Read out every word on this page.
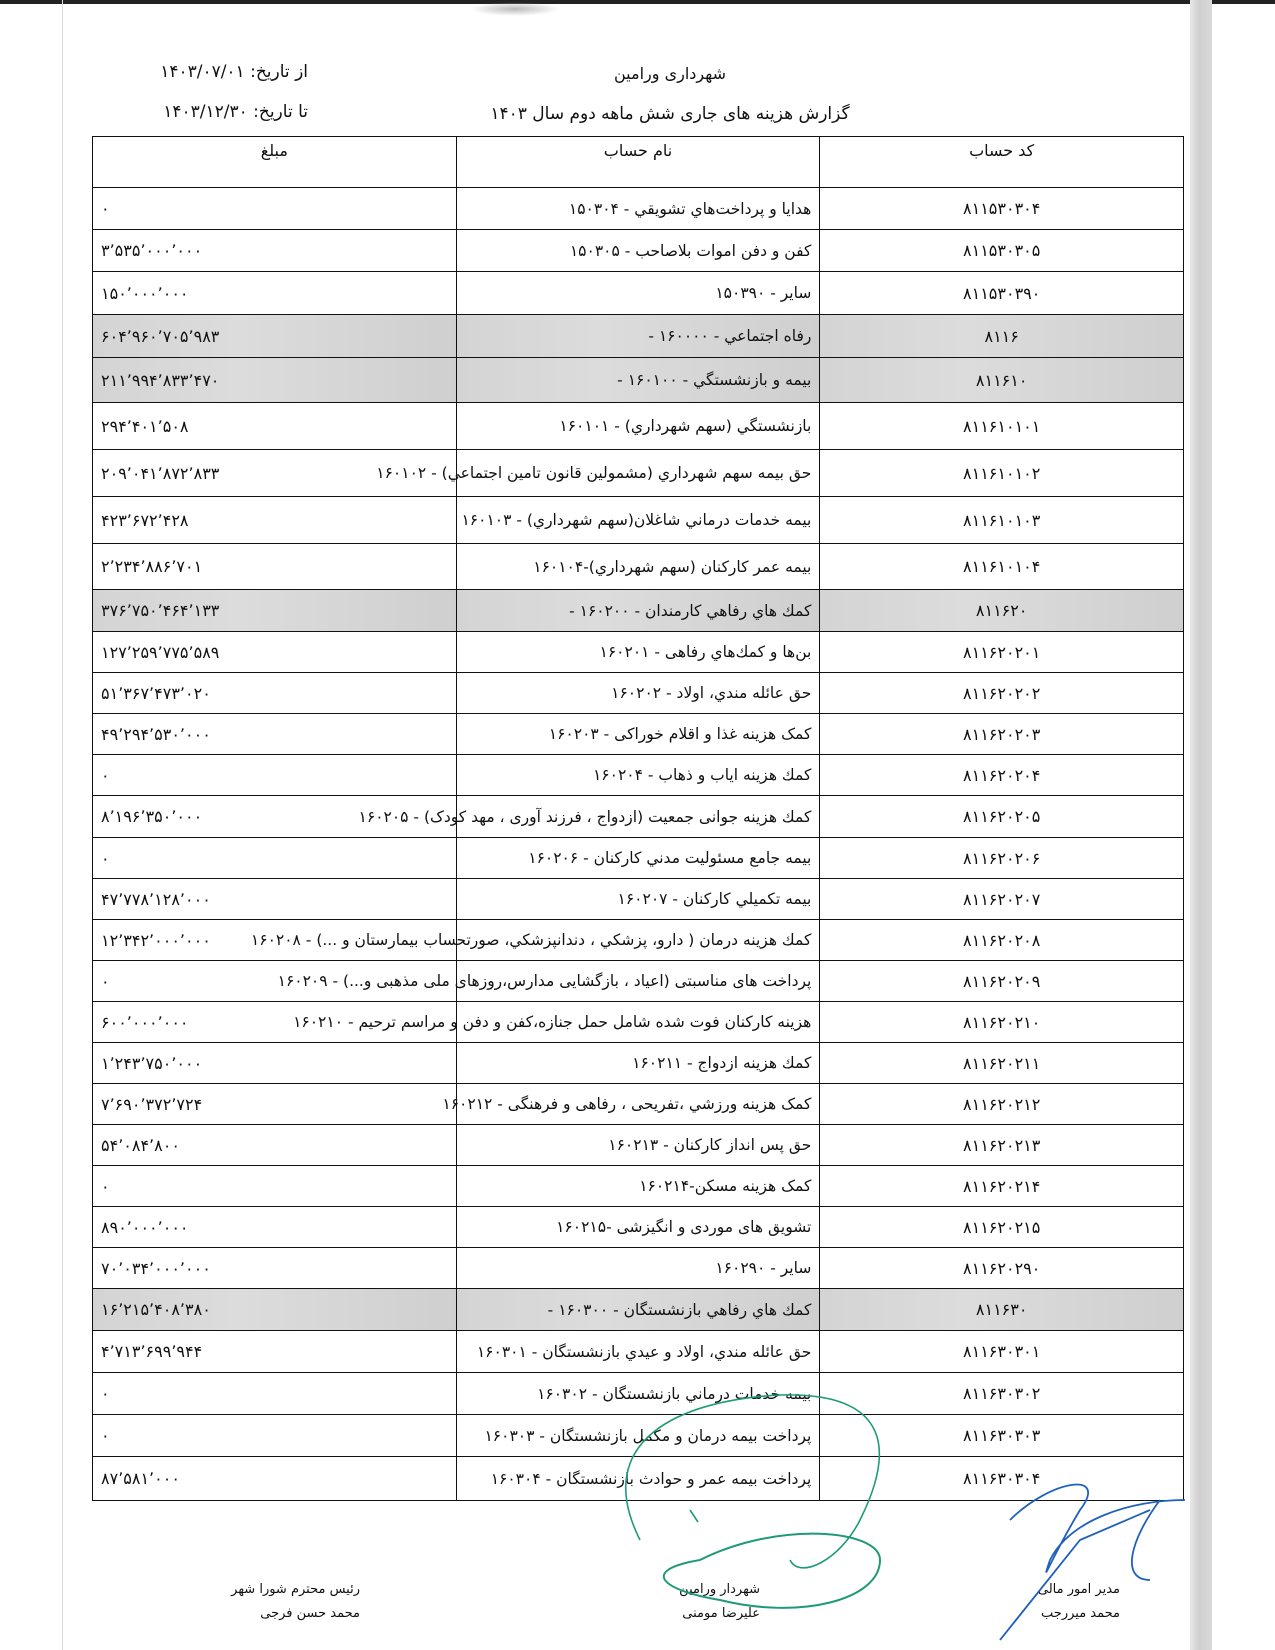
شهرداری ورامین
گزارش هزینه های جاری شش ماهه دوم سال ۱۴۰۳
از تاریخ: ۱۴۰۳/۰۷/۰۱
تا تاریخ: ۱۴۰۳/۱۲/۳۰
کد حساب	نام حساب	مبلغ
۸۱۱۵۳۰۳۰۴	هدایا و پرداخت‌هاي تشویقي - ۱۵۰۳۰۴	۰
۸۱۱۵۳۰۳۰۵	کفن و دفن اموات بلاصاحب - ۱۵۰۳۰۵	۳٬۵۳۵٬۰۰۰٬۰۰۰
۸۱۱۵۳۰۳۹۰	سایر - ۱۵۰۳۹۰	۱۵۰٬۰۰۰٬۰۰۰
۸۱۱۶	رفاه اجتماعي - ۱۶۰۰۰۰ -	۶۰۴٬۹۶۰٬۷۰۵٬۹۸۳
۸۱۱۶۱۰	بیمه و بازنشستگي - ۱۶۰۱۰۰ -	۲۱۱٬۹۹۴٬۸۳۳٬۴۷۰
۸۱۱۶۱۰۱۰۱	بازنشستگي (سهم شهرداري) - ۱۶۰۱۰۱	۲۹۴٬۴۰۱٬۵۰۸
۸۱۱۶۱۰۱۰۲	حق بیمه سهم شهرداري (مشمولین قانون تامین اجتماعي) - ۱۶۰۱۰۲	۲۰۹٬۰۴۱٬۸۷۲٬۸۳۳
۸۱۱۶۱۰۱۰۳	بیمه خدمات درماني شاغلان(سهم شهرداري) - ۱۶۰۱۰۳	۴۲۳٬۶۷۲٬۴۲۸
۸۱۱۶۱۰۱۰۴	بیمه عمر کارکنان (سهم شهرداري)-۱۶۰۱۰۴	۲٬۲۳۴٬۸۸۶٬۷۰۱
۸۱۱۶۲۰	کمك هاي رفاهي کارمندان - ۱۶۰۲۰۰ -	۳۷۶٬۷۵۰٬۴۶۴٬۱۳۳
۸۱۱۶۲۰۲۰۱	بن‌ها و کمك‌هاي رفاهی - ۱۶۰۲۰۱	۱۲۷٬۲۵۹٬۷۷۵٬۵۸۹
۸۱۱۶۲۰۲۰۲	حق عائله مندي، اولاد - ۱۶۰۲۰۲	۵۱٬۳۶۷٬۴۷۳٬۰۲۰
۸۱۱۶۲۰۲۰۳	کمک هزینه غذا و اقلام خوراکی - ۱۶۰۲۰۳	۴۹٬۲۹۴٬۵۳۰٬۰۰۰
۸۱۱۶۲۰۲۰۴	کمك هزینه ایاب و ذهاب - ۱۶۰۲۰۴	۰
۸۱۱۶۲۰۲۰۵	کمك هزینه جوانی جمعیت (ازدواج ، فرزند آوری ، مهد کودک) - ۱۶۰۲۰۵	۸٬۱۹۶٬۳۵۰٬۰۰۰
۸۱۱۶۲۰۲۰۶	بیمه جامع مسئولیت مدني کارکنان - ۱۶۰۲۰۶	۰
۸۱۱۶۲۰۲۰۷	بیمه تکمیلي کارکنان - ۱۶۰۲۰۷	۴۷٬۷۷۸٬۱۲۸٬۰۰۰
۸۱۱۶۲۰۲۰۸	کمك هزینه درمان ( دارو، پزشکي ، دندانپزشکي، صورتحساب بیمارستان و ...) - ۱۶۰۲۰۸	۱۲٬۳۴۲٬۰۰۰٬۰۰۰
۸۱۱۶۲۰۲۰۹	پرداخت های مناسبتی (اعیاد ، بازگشایی مدارس،روزهای ملی مذهبی و...) - ۱۶۰۲۰۹	۰
۸۱۱۶۲۰۲۱۰	هزینه کارکنان فوت شده شامل حمل جنازه،کفن و دفن و مراسم ترحیم - ۱۶۰۲۱۰	۶۰۰٬۰۰۰٬۰۰۰
۸۱۱۶۲۰۲۱۱	کمك هزینه ازدواج - ۱۶۰۲۱۱	۱٬۲۴۳٬۷۵۰٬۰۰۰
۸۱۱۶۲۰۲۱۲	کمک هزینه ورزشي ،تفریحی ، رفاهی و فرهنگی - ۱۶۰۲۱۲	۷٬۶۹۰٬۳۷۲٬۷۲۴
۸۱۱۶۲۰۲۱۳	حق پس انداز کارکنان - ۱۶۰۲۱۳	۵۴٬۰۸۴٬۸۰۰
۸۱۱۶۲۰۲۱۴	کمک هزینه مسکن-۱۶۰۲۱۴	۰
۸۱۱۶۲۰۲۱۵	تشویق های موردی و انگیزشی -۱۶۰۲۱۵	۸۹۰٬۰۰۰٬۰۰۰
۸۱۱۶۲۰۲۹۰	سایر - ۱۶۰۲۹۰	۷۰٬۰۳۴٬۰۰۰٬۰۰۰
۸۱۱۶۳۰	کمك هاي رفاهي بازنشستگان - ۱۶۰۳۰۰ -	۱۶٬۲۱۵٬۴۰۸٬۳۸۰
۸۱۱۶۳۰۳۰۱	حق عائله مندي، اولاد و عيدي بازنشستگان - ۱۶۰۳۰۱	۴٬۷۱۳٬۶۹۹٬۹۴۴
۸۱۱۶۳۰۳۰۲	بیمه خدمات درماني بازنشستگان - ۱۶۰۳۰۲	۰
۸۱۱۶۳۰۳۰۳	پرداخت بیمه درمان و مکمل بازنشستگان - ۱۶۰۳۰۳	۰
۸۱۱۶۳۰۳۰۴	پرداخت بیمه عمر و حوادث بازنشستگان - ۱۶۰۳۰۴	۸۷٬۵۸۱٬۰۰۰
رئیس محترم شورا شهر
محمد حسن فرجی
شهردار ورامین
علیرضا مومنی
مدیر امور مالی
محمد میررجب
